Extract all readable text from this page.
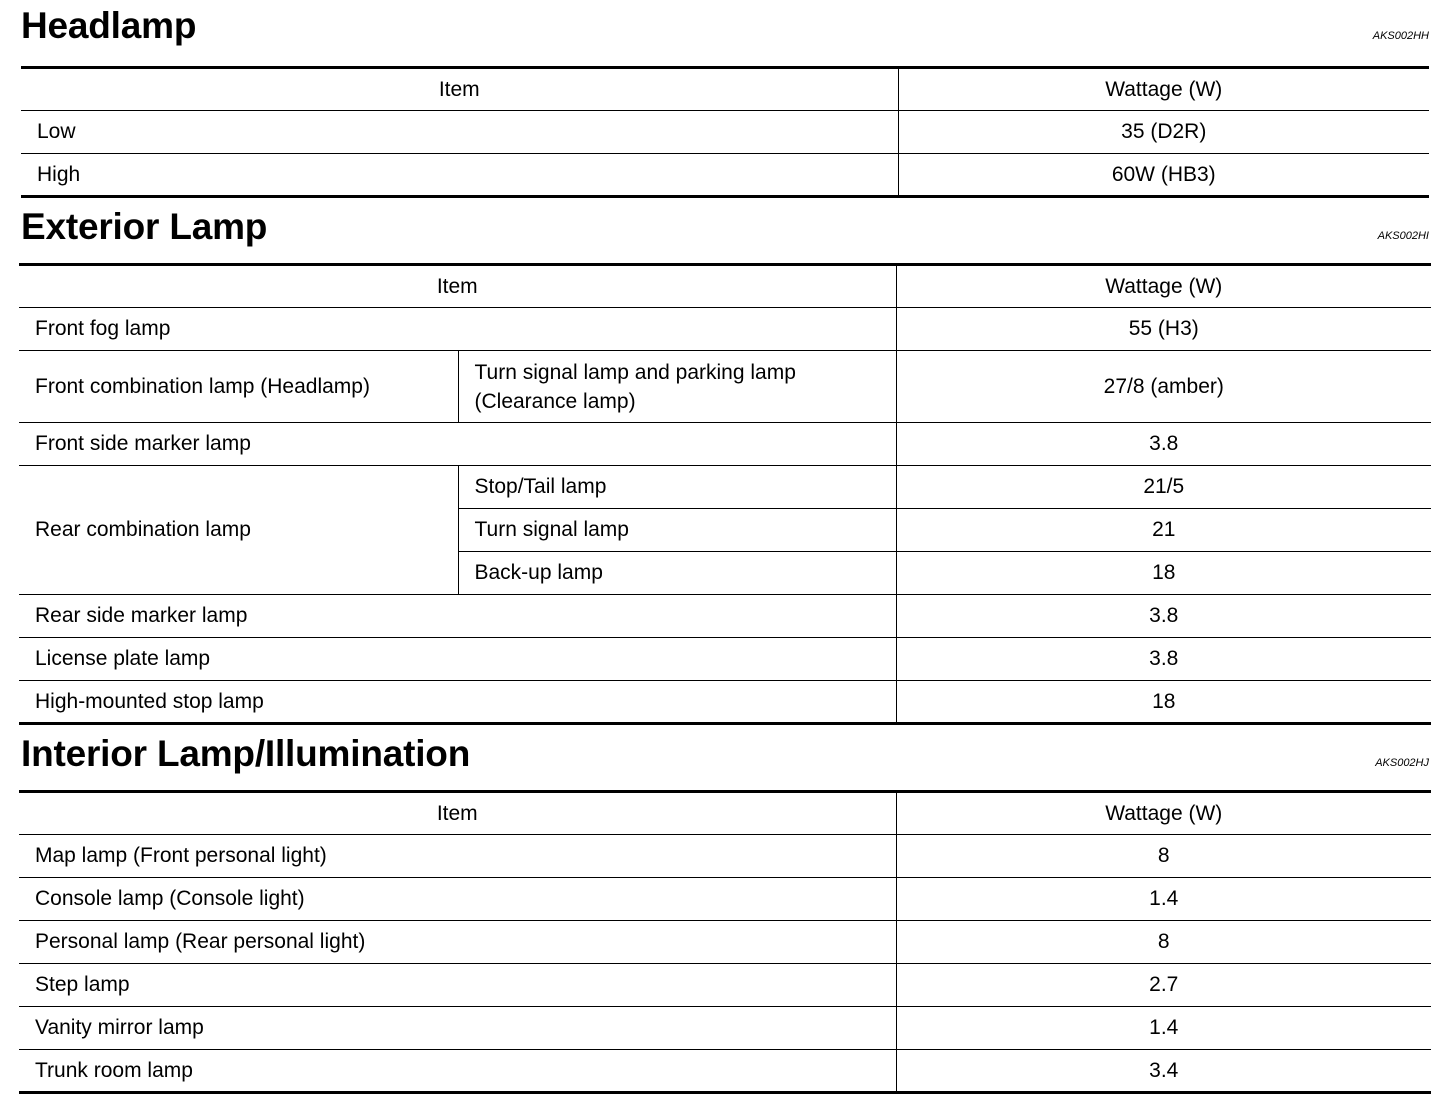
Headlamp	AKS002HH
Item	Wattage (W)
Low	35 (D2R)
High	60W (HB3)
Exterior Lamp	AKS002HI
Item		Wattage (W)
Front fog lamp		55 (H3)
Front combination lamp (Headlamp)	Turn signal lamp and parking lamp (Clearance lamp)	27/8 (amber)
Front side marker lamp		3.8
Rear combination lamp	Stop/Tail lamp	21/5
	Turn signal lamp	21
	Back-up lamp	18
Rear side marker lamp		3.8
License plate lamp		3.8
High-mounted stop lamp		18
Interior Lamp/Illumination	AKS002HJ
Item	Wattage (W)
Map lamp (Front personal light)	8
Console lamp (Console light)	1.4
Personal lamp (Rear personal light)	8
Step lamp	2.7
Vanity mirror lamp	1.4
Trunk room lamp	3.4
